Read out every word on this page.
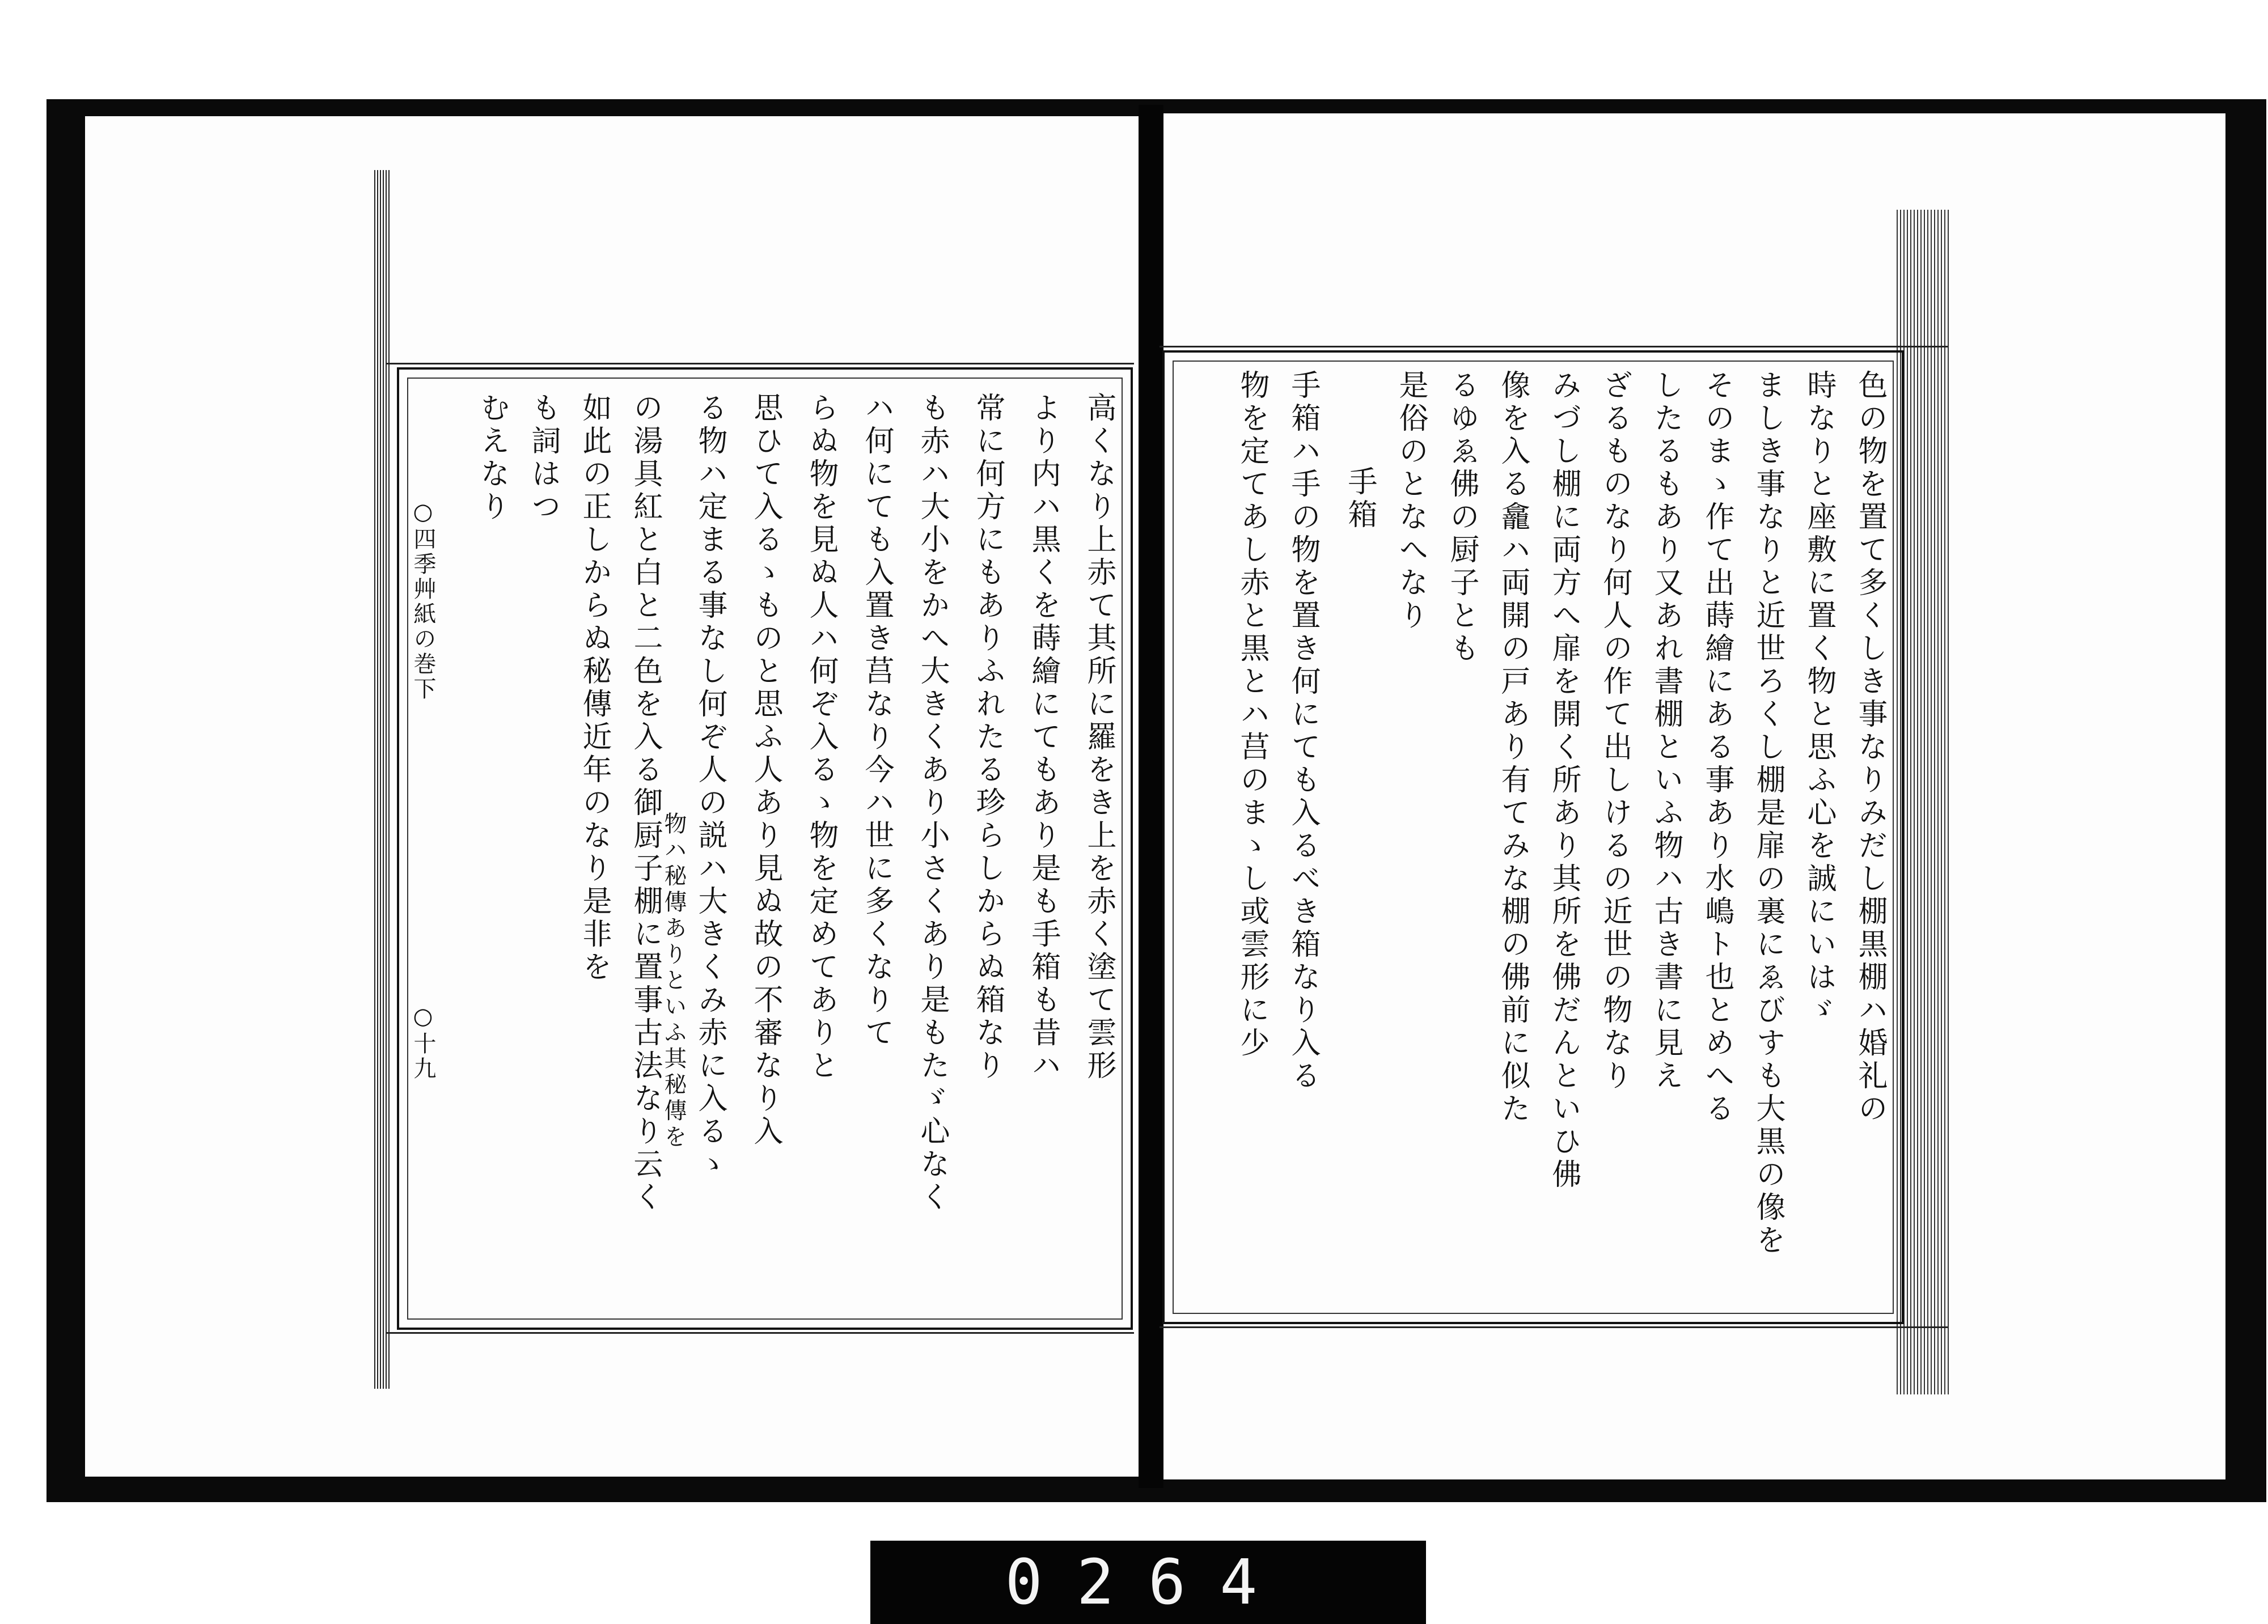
高くなり上赤て其所に羅をき上を赤く塗て雲形
より内ハ黒くを蒔繪にてもあり是も手箱も昔ハ
常に何方にもありふれたる珍らしからぬ箱なり
も赤ハ大小をかへ大きくあり小さくあり是もたゞ心なく
ハ何にても入置き莒なり今ハ世に多くなりて
らぬ物を見ぬ人ハ何ぞ入るゝ物を定めてありと
思ひて入るゝものと思ふ人あり見ぬ故の不審なり入
る物ハ定まる事なし何ぞ人の説ハ大きくみ赤に入るゝ
物ハ秘傳ありといふ其秘傳を
の湯具紅と白と二色を入る御厨子棚に置事古法なり云く
如此の正しからぬ秘傳近年のなり是非を
も詞はつ
むえなり
○四季艸紙の巻下
○十九	色の物を置て多くしき事なりみだし棚黒棚ハ婚礼の
時なりと座敷に置く物と思ふ心を誠にいはゞ
ましき事なりと近世ろくし棚是扉の裏にゑびすも大黒の像を
そのまゝ作て出蒔繪にある事あり水嶋ト也とめへる
したるもあり又あれ書棚といふ物ハ古き書に見え
ざるものなり何人の作て出しけるの近世の物なり
みづし棚に両方へ扉を開く所あり其所を佛だんといひ佛
像を入る龕ハ両開の戸あり有てみな棚の佛前に似た
るゆゑ佛の厨子とも
是俗のとなへなり
手箱
手箱ハ手の物を置き何にても入るべき箱なり入る
物を定てあし赤と黒とハ莒のまゝし或雲形に少
0264
